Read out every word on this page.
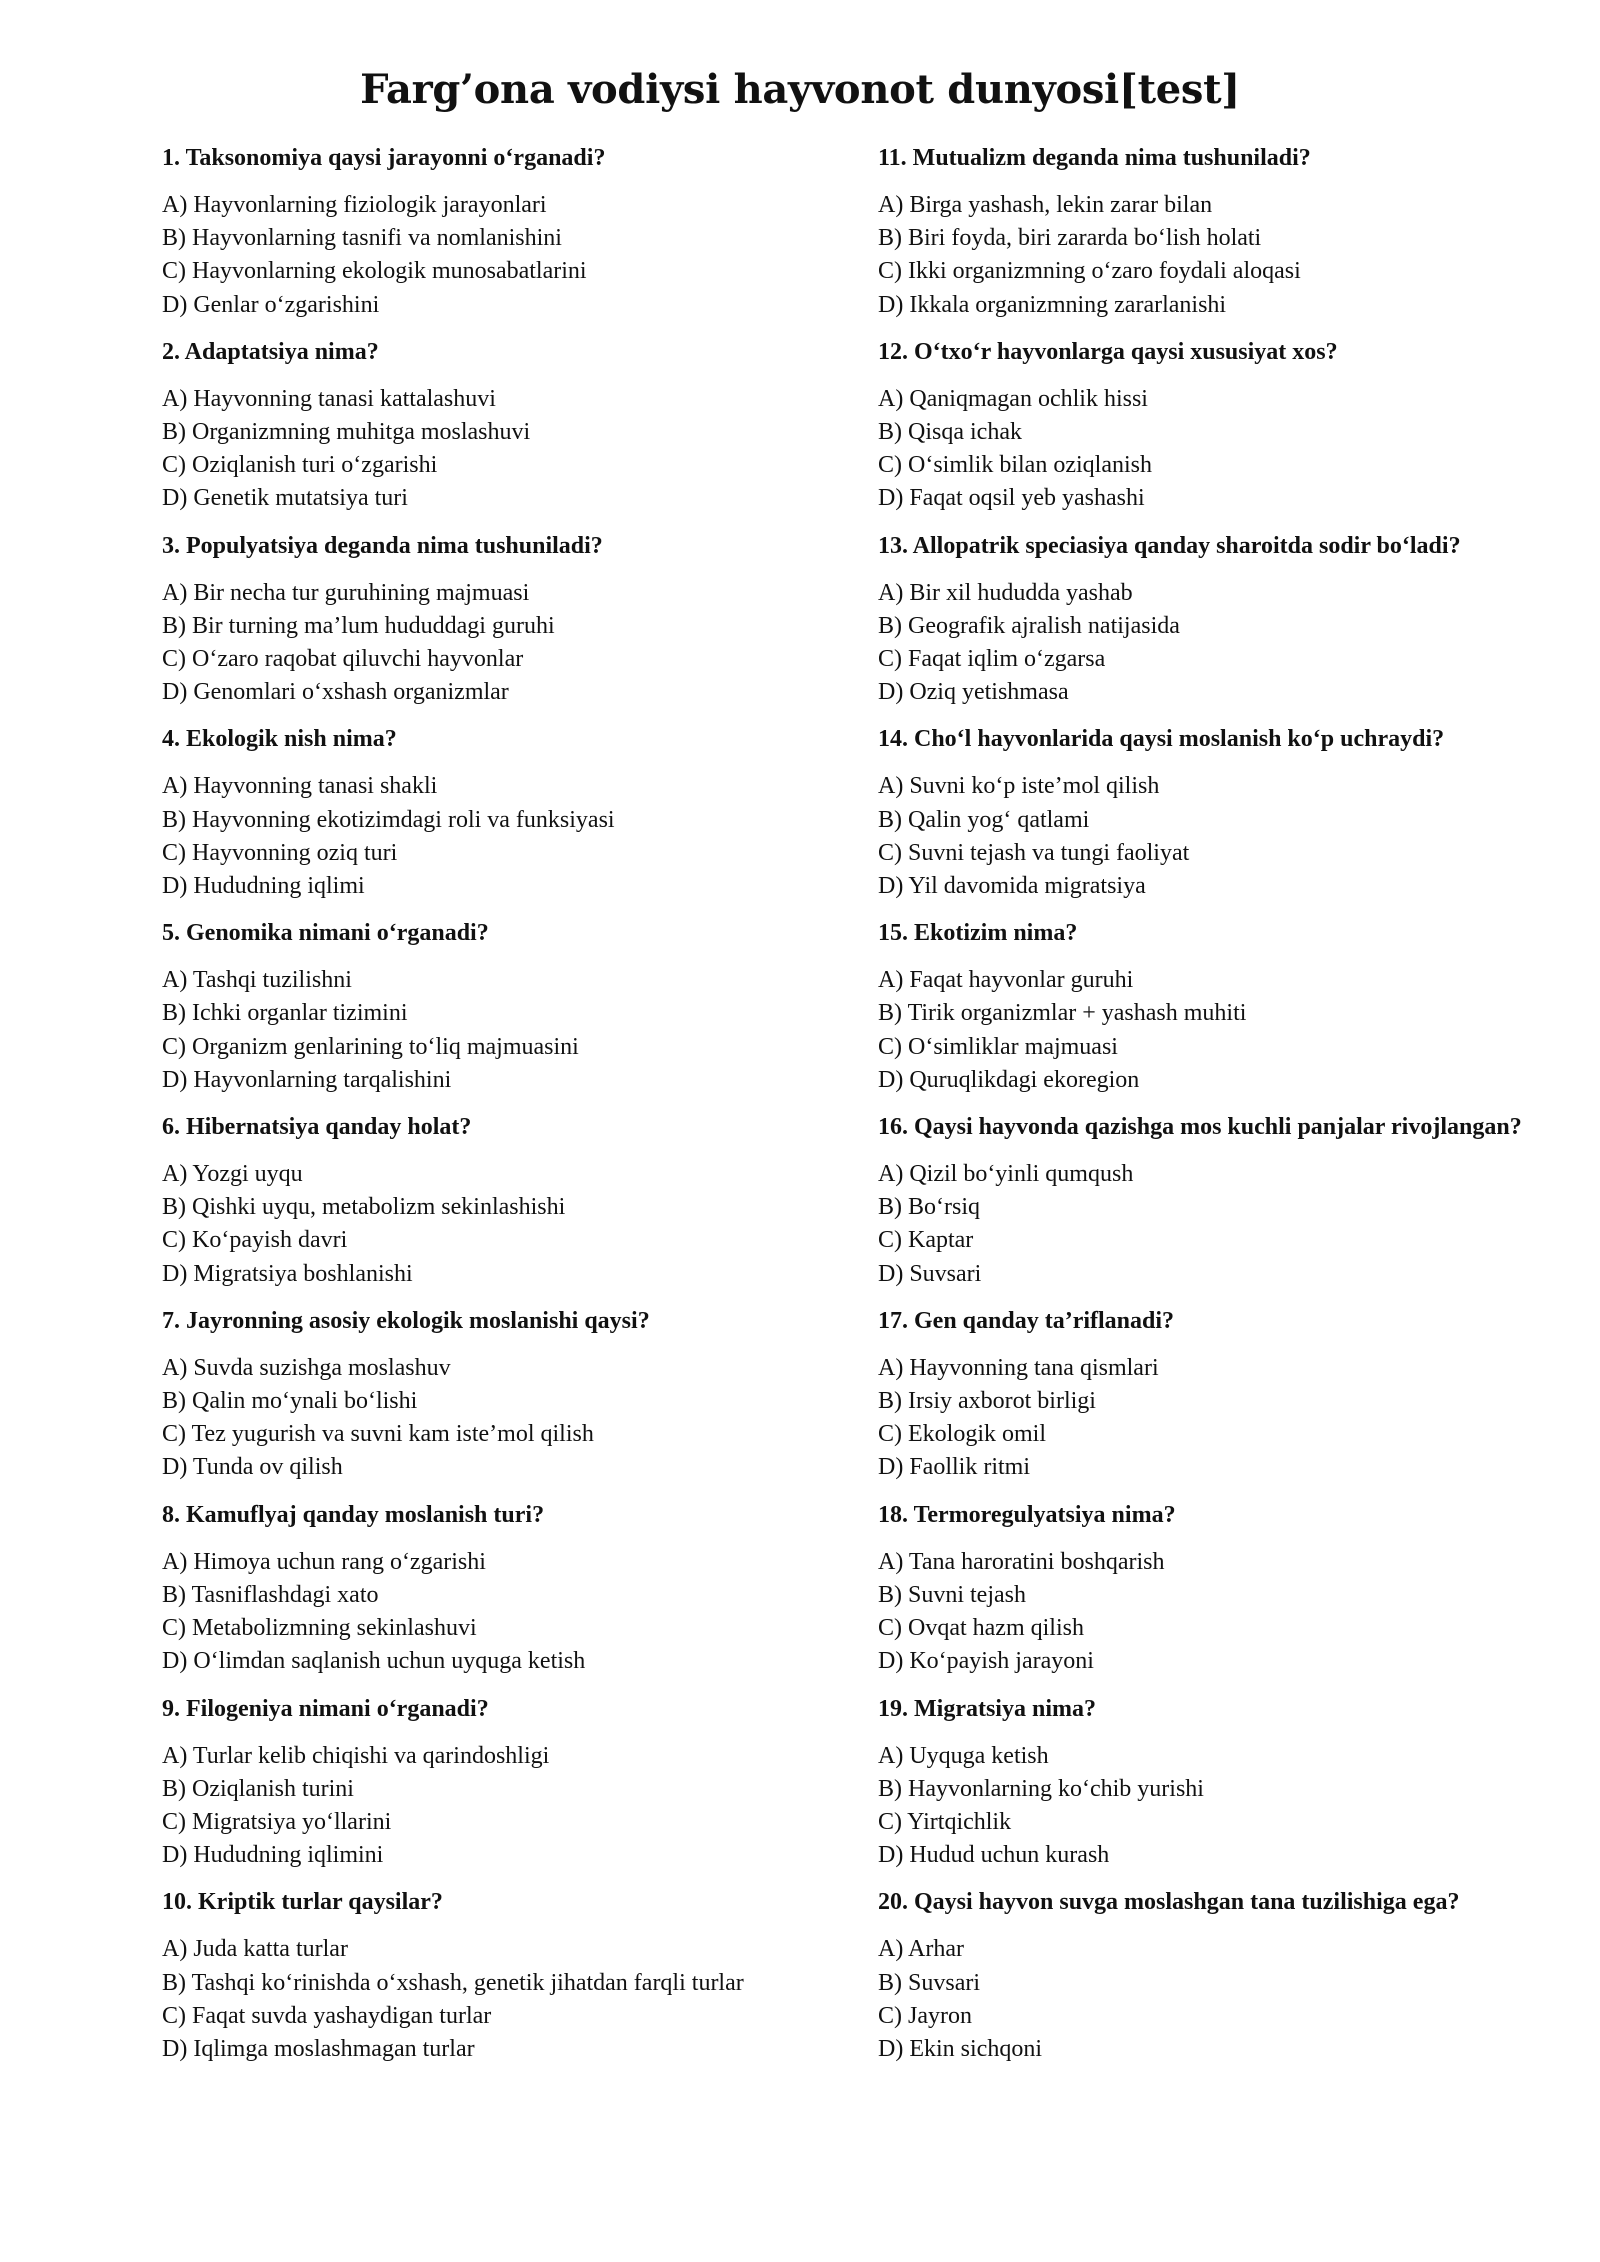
Farg’ona vodiysi hayvonot dunyosi[test]

1. Taksonomiya qaysi jarayonni o‘rganadi?

A) Hayvonlarning fiziologik jarayonlari
B) Hayvonlarning tasnifi va nomlanishini
C) Hayvonlarning ekologik munosabatlarini
D) Genlar o‘zgarishini

2. Adaptatsiya nima?

A) Hayvonning tanasi kattalashuvi
B) Organizmning muhitga moslashuvi
C) Oziqlanish turi o‘zgarishi
D) Genetik mutatsiya turi

3. Populyatsiya deganda nima tushuniladi?

A) Bir necha tur guruhining majmuasi
B) Bir turning ma’lum hududdagi guruhi
C) O‘zaro raqobat qiluvchi hayvonlar
D) Genomlari o‘xshash organizmlar

4. Ekologik nish nima?

A) Hayvonning tanasi shakli
B) Hayvonning ekotizimdagi roli va funksiyasi
C) Hayvonning oziq turi
D) Hududning iqlimi

5. Genomika nimani o‘rganadi?

A) Tashqi tuzilishni
B) Ichki organlar tizimini
C) Organizm genlarining to‘liq majmuasini
D) Hayvonlarning tarqalishini

6. Hibernatsiya qanday holat?

A) Yozgi uyqu
B) Qishki uyqu, metabolizm sekinlashishi
C) Ko‘payish davri
D) Migratsiya boshlanishi

7. Jayronning asosiy ekologik moslanishi qaysi?

A) Suvda suzishga moslashuv
B) Qalin mo‘ynali bo‘lishi
C) Tez yugurish va suvni kam iste’mol qilish
D) Tunda ov qilish

8. Kamuflyaj qanday moslanish turi?

A) Himoya uchun rang o‘zgarishi
B) Tasniflashdagi xato
C) Metabolizmning sekinlashuvi
D) O‘limdan saqlanish uchun uyquga ketish

9. Filogeniya nimani o‘rganadi?

A) Turlar kelib chiqishi va qarindoshligi
B) Oziqlanish turini
C) Migratsiya yo‘llarini
D) Hududning iqlimini

10. Kriptik turlar qaysilar?

A) Juda katta turlar
B) Tashqi ko‘rinishda o‘xshash, genetik jihatdan farqli turlar
C) Faqat suvda yashaydigan turlar
D) Iqlimga moslashmagan turlar

11. Mutualizm deganda nima tushuniladi?

A) Birga yashash, lekin zarar bilan
B) Biri foyda, biri zararda bo‘lish holati
C) Ikki organizmning o‘zaro foydali aloqasi
D) Ikkala organizmning zararlanishi

12. O‘txo‘r hayvonlarga qaysi xususiyat xos?

A) Qaniqmagan ochlik hissi
B) Qisqa ichak
C) O‘simlik bilan oziqlanish
D) Faqat oqsil yeb yashashi

13. Allopatrik speciasiya qanday sharoitda sodir bo‘ladi?

A) Bir xil hududda yashab
B) Geografik ajralish natijasida
C) Faqat iqlim o‘zgarsa
D) Oziq yetishmasa

14. Cho‘l hayvonlarida qaysi moslanish ko‘p uchraydi?

A) Suvni ko‘p iste’mol qilish
B) Qalin yog‘ qatlami
C) Suvni tejash va tungi faoliyat
D) Yil davomida migratsiya

15. Ekotizim nima?

A) Faqat hayvonlar guruhi
B) Tirik organizmlar + yashash muhiti
C) O‘simliklar majmuasi
D) Quruqlikdagi ekoregion

16. Qaysi hayvonda qazishga mos kuchli panjalar rivojlangan?

A) Qizil bo‘yinli qumqush
B) Bo‘rsiq
C) Kaptar
D) Suvsari

17. Gen qanday ta’riflanadi?

A) Hayvonning tana qismlari
B) Irsiy axborot birligi
C) Ekologik omil
D) Faollik ritmi

18. Termoregulyatsiya nima?

A) Tana haroratini boshqarish
B) Suvni tejash
C) Ovqat hazm qilish
D) Ko‘payish jarayoni

19. Migratsiya nima?

A) Uyquga ketish
B) Hayvonlarning ko‘chib yurishi
C) Yirtqichlik
D) Hudud uchun kurash

20. Qaysi hayvon suvga moslashgan tana tuzilishiga ega?

A) Arhar
B) Suvsari
C) Jayron
D) Ekin sichqoni
